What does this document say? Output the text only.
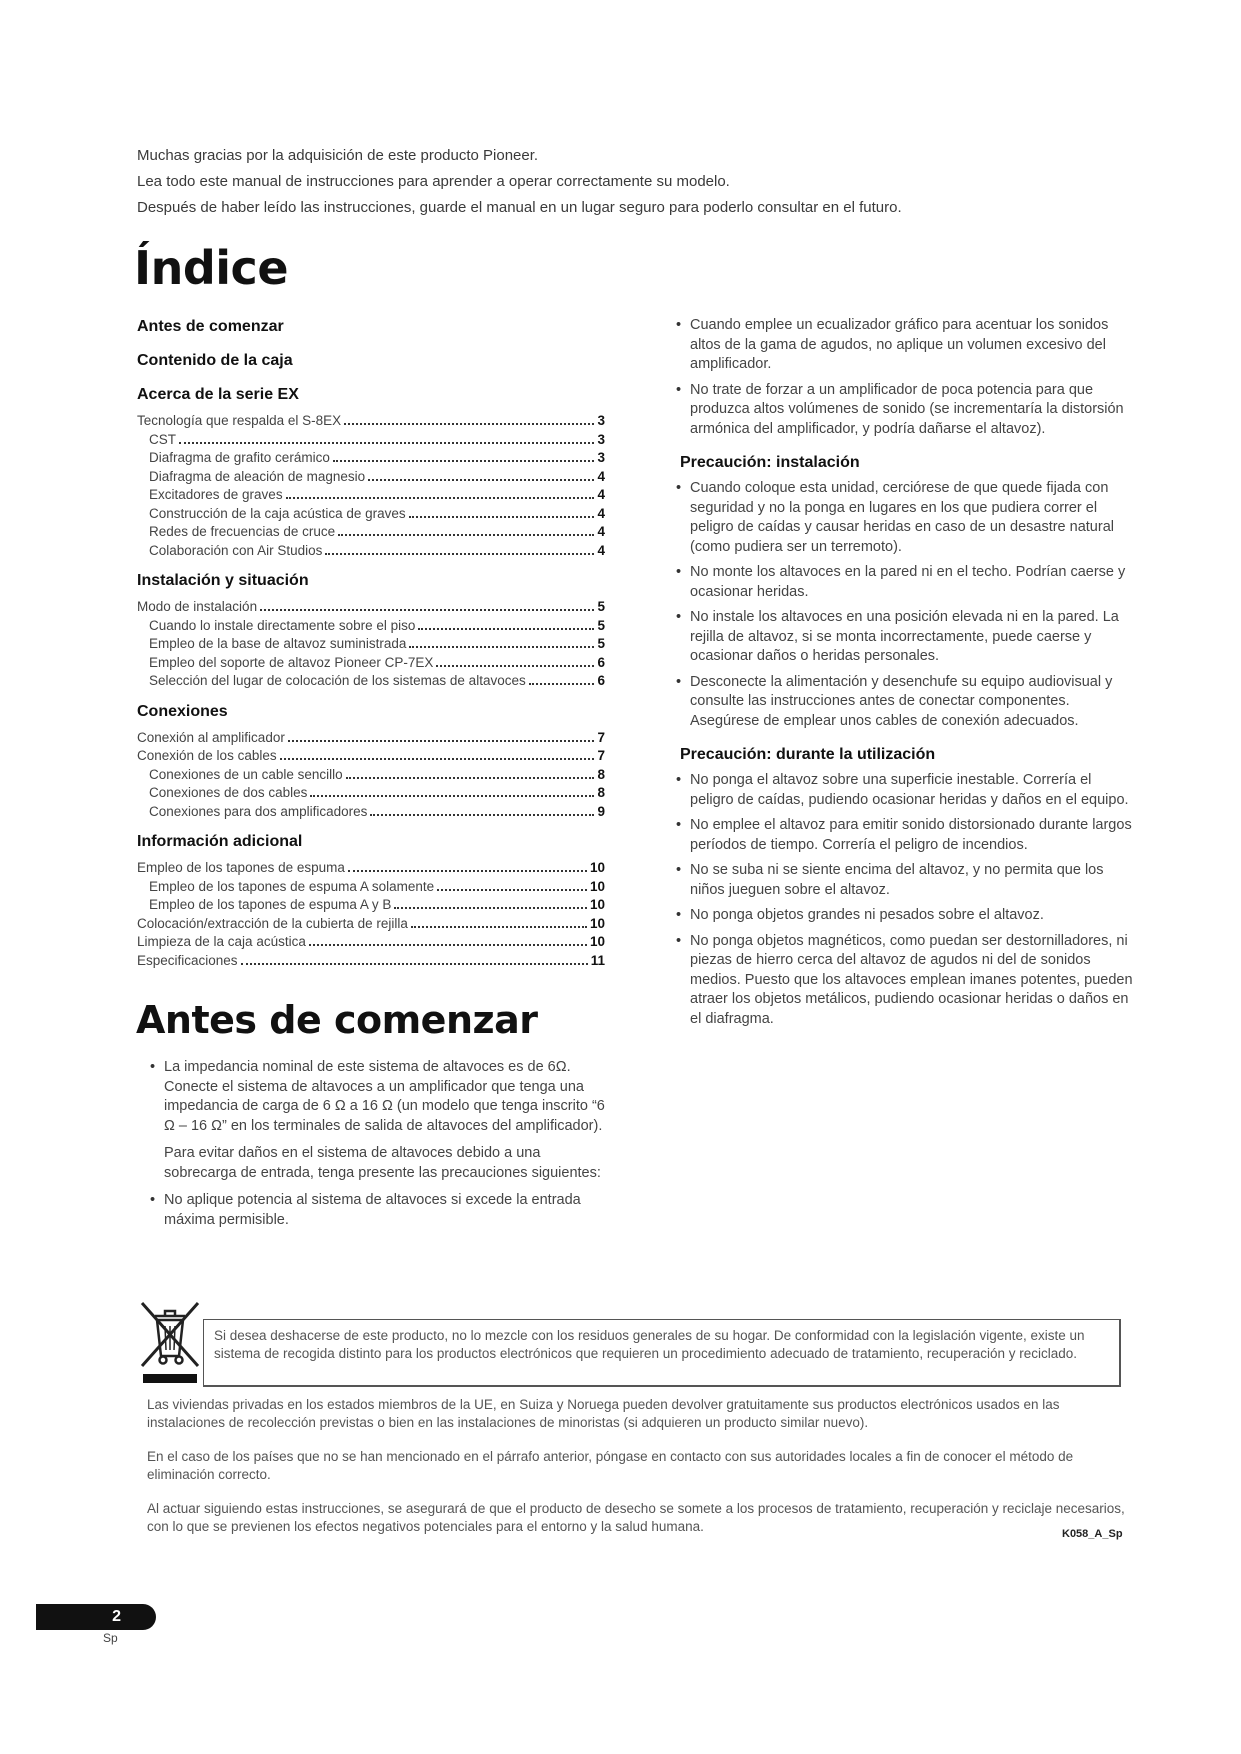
Muchas gracias por la adquisición de este producto Pioneer.

Lea todo este manual de instrucciones para aprender a operar correctamente su modelo.

Después de haber leído las instrucciones, guarde el manual en un lugar seguro para poderlo consultar en el futuro.

Índice
Antes de comenzar
Contenido de la caja
Acerca de la serie EX
Tecnología que respalda el S-8EX	3
CST	3
Diafragma de grafito cerámico	3
Diafragma de aleación de magnesio	4
Excitadores de graves	4
Construcción de la caja acústica de graves	4
Redes de frecuencias de cruce	4
Colaboración con Air Studios	4
Instalación y situación
Modo de instalación	5
Cuando lo instale directamente sobre el piso	5
Empleo de la base de altavoz suministrada	5
Empleo del soporte de altavoz Pioneer CP-7EX	6
Selección del lugar de colocación de los sistemas de altavoces	6
Conexiones
Conexión al amplificador	7
Conexión de los cables	7
Conexiones de un cable sencillo	8
Conexiones de dos cables	8
Conexiones para dos amplificadores	9
Información adicional
Empleo de los tapones de espuma	10
Empleo de los tapones de espuma A solamente	10
Empleo de los tapones de espuma A y B	10
Colocación/extracción de la cubierta de rejilla	10
Limpieza de la caja acústica	10
Especificaciones	11
Antes de comenzar
• La impedancia nominal de este sistema de altavoces es de 6Ω. Conecte el sistema de altavoces a un amplificador que tenga una impedancia de carga de 6 Ω a 16 Ω (un modelo que tenga inscrito “6 Ω – 16 Ω” en los terminales de salida de altavoces del amplificador).
Para evitar daños en el sistema de altavoces debido a una sobrecarga de entrada, tenga presente las precauciones siguientes:
• No aplique potencia al sistema de altavoces si excede la entrada máxima permisible.
• Cuando emplee un ecualizador gráfico para acentuar los sonidos altos de la gama de agudos, no aplique un volumen excesivo del amplificador.
• No trate de forzar a un amplificador de poca potencia para que produzca altos volúmenes de sonido (se incrementaría la distorsión armónica del amplificador, y podría dañarse el altavoz).
Precaución: instalación
• Cuando coloque esta unidad, cerciórese de que quede fijada con seguridad y no la ponga en lugares en los que pudiera correr el peligro de caídas y causar heridas en caso de un desastre natural (como pudiera ser un terremoto).
• No monte los altavoces en la pared ni en el techo. Podrían caerse y ocasionar heridas.
• No instale los altavoces en una posición elevada ni en la pared. La rejilla de altavoz, si se monta incorrectamente, puede caerse y ocasionar daños o heridas personales.
• Desconecte la alimentación y desenchufe su equipo audiovisual y consulte las instrucciones antes de conectar componentes. Asegúrese de emplear unos cables de conexión adecuados.
Precaución: durante la utilización
• No ponga el altavoz sobre una superficie inestable. Correría el peligro de caídas, pudiendo ocasionar heridas y daños en el equipo.
• No emplee el altavoz para emitir sonido distorsionado durante largos períodos de tiempo. Correría el peligro de incendios.
• No se suba ni se siente encima del altavoz, y no permita que los niños jueguen sobre el altavoz.
• No ponga objetos grandes ni pesados sobre el altavoz.
• No ponga objetos magnéticos, como puedan ser destornilladores, ni piezas de hierro cerca del altavoz de agudos ni del de sonidos medios. Puesto que los altavoces emplean imanes potentes, pueden atraer los objetos metálicos, pudiendo ocasionar heridas o daños en el diafragma.
Si desea deshacerse de este producto, no lo mezcle con los residuos generales de su hogar. De conformidad con la legislación vigente, existe un sistema de recogida distinto para los productos electrónicos que requieren un procedimiento adecuado de tratamiento, recuperación y reciclado.

Las viviendas privadas en los estados miembros de la UE, en Suiza y Noruega pueden devolver gratuitamente sus productos electrónicos usados en las instalaciones de recolección previstas o bien en las instalaciones de minoristas (si adquieren un producto similar nuevo).

En el caso de los países que no se han mencionado en el párrafo anterior, póngase en contacto con sus autoridades locales a fin de conocer el método de eliminación correcto.

Al actuar siguiendo estas instrucciones, se asegurará de que el producto de desecho se somete a los procesos de tratamiento, recuperación y reciclaje necesarios, con lo que se previenen los efectos negativos potenciales para el entorno y la salud humana.

K058_A_Sp
2
Sp
